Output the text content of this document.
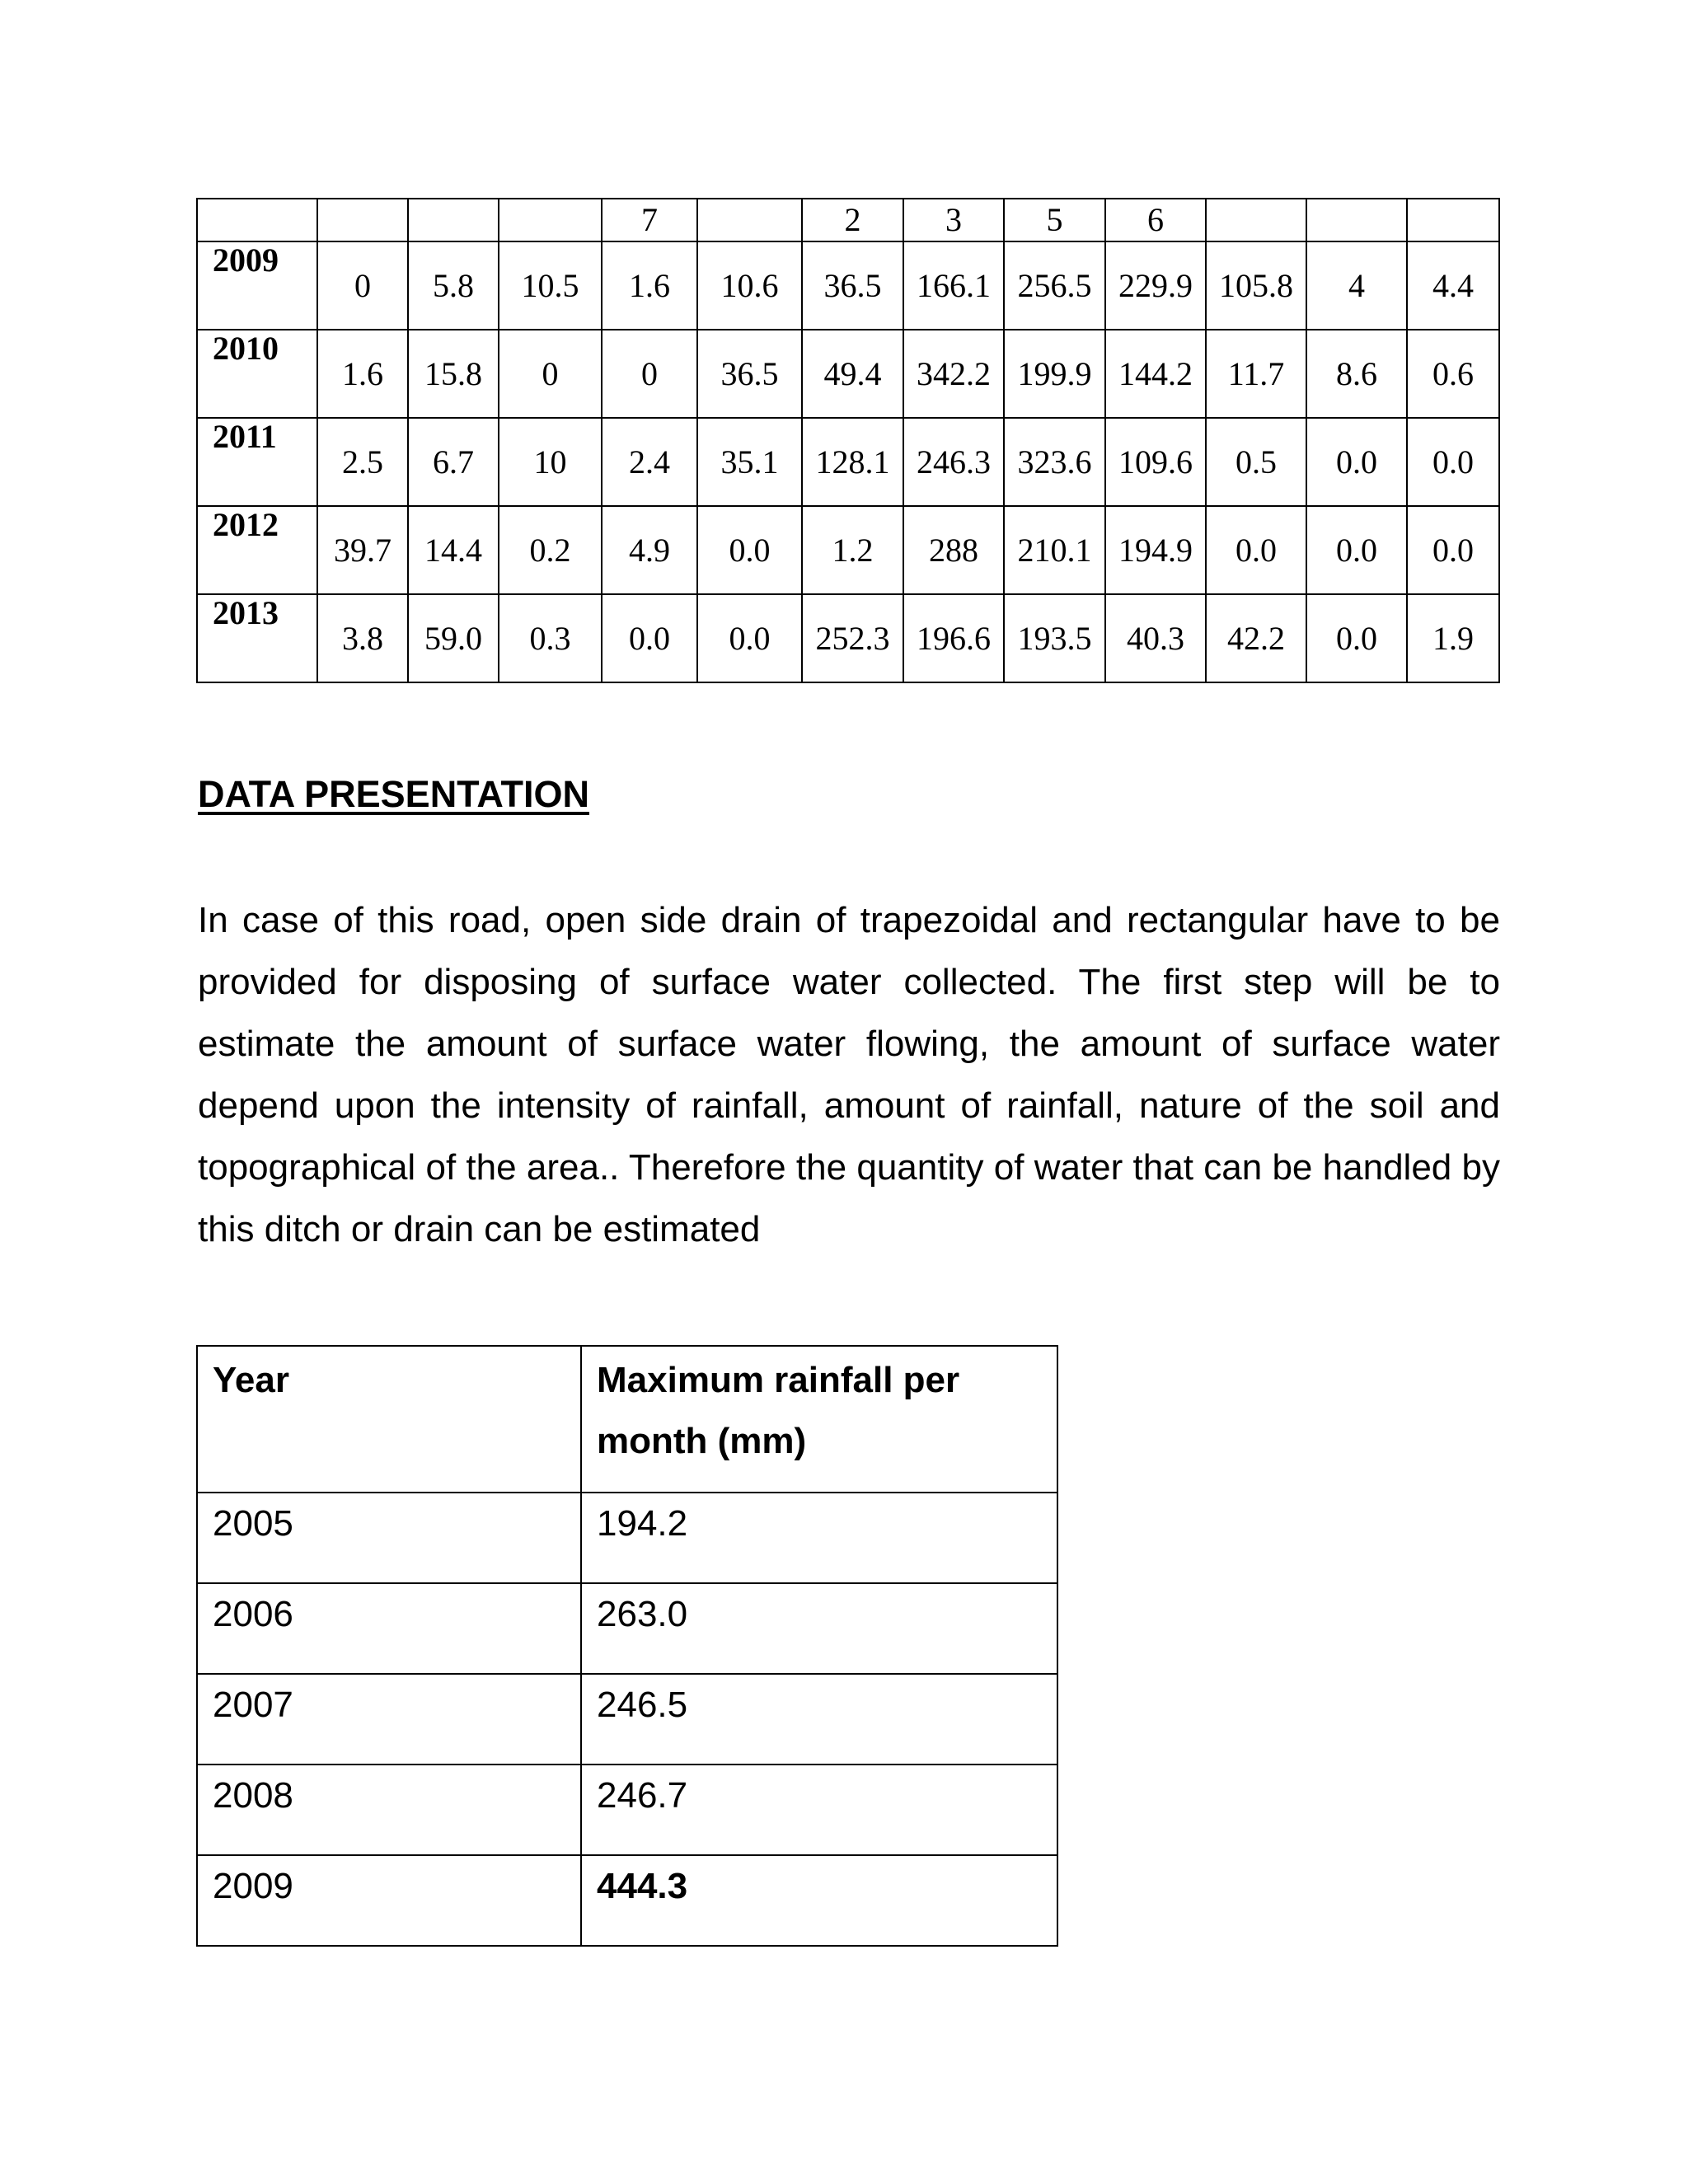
				7		2	3	5	6			
2009	0	5.8	10.5	1.6	10.6	36.5	166.1	256.5	229.9	105.8	4	4.4
2010	1.6	15.8	0	0	36.5	49.4	342.2	199.9	144.2	11.7	8.6	0.6
2011	2.5	6.7	10	2.4	35.1	128.1	246.3	323.6	109.6	0.5	0.0	0.0
2012	39.7	14.4	0.2	4.9	0.0	1.2	288	210.1	194.9	0.0	0.0	0.0
2013	3.8	59.0	0.3	0.0	0.0	252.3	196.6	193.5	40.3	42.2	0.0	1.9
DATA PRESENTATION

In case of this road, open side drain of trapezoidal and rectangular have to be provided for disposing of surface water collected. The first step will be to estimate the amount of surface water flowing, the amount of surface water depend upon the intensity of rainfall, amount of rainfall, nature of the soil and topographical of the area.. Therefore the quantity of water that can be handled by this ditch or drain can be estimated

Year	Maximum rainfall per month (mm)
2005	194.2
2006	263.0
2007	246.5
2008	246.7
2009	444.3
